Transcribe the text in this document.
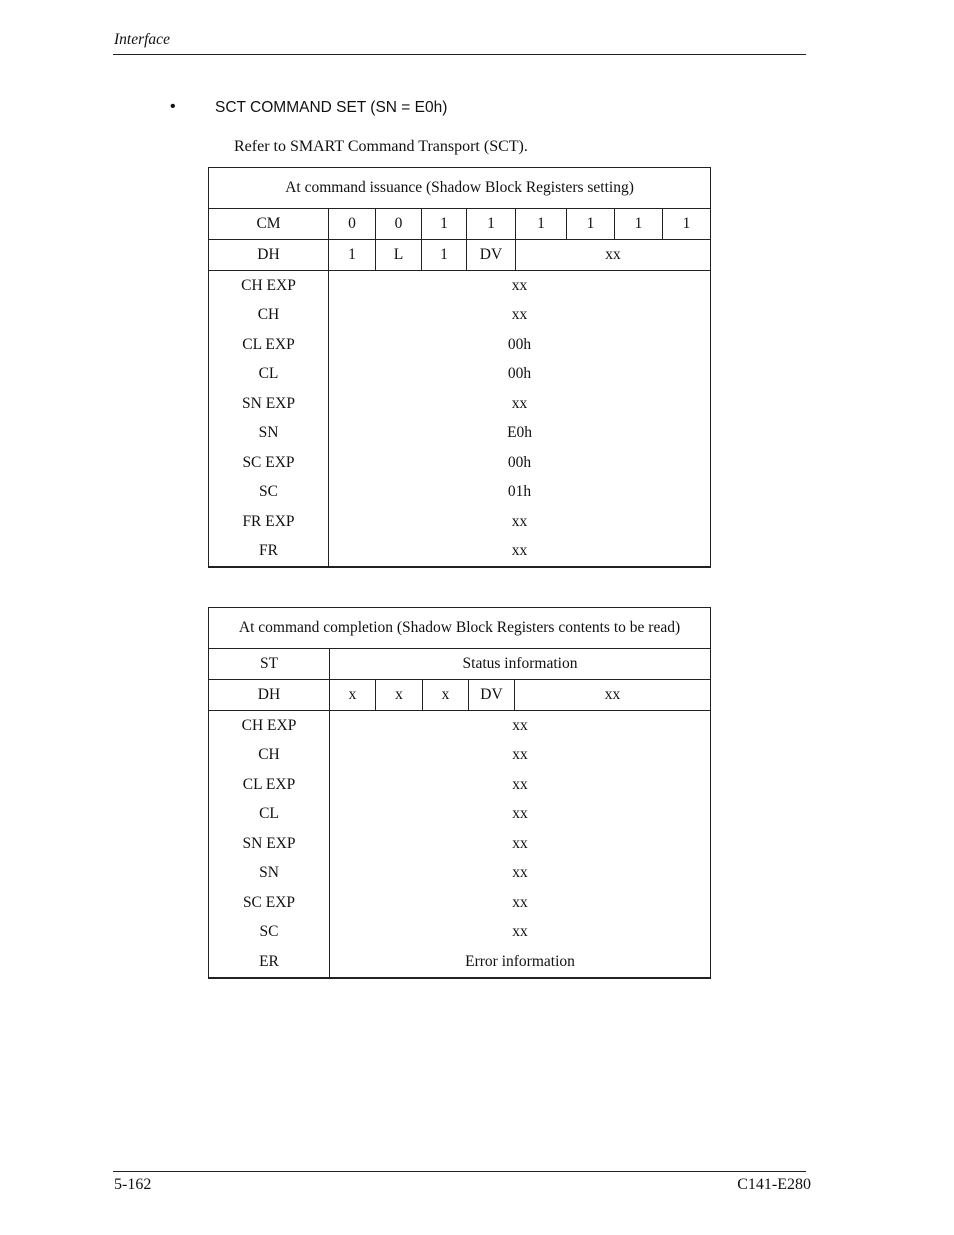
Interface
•	SCT COMMAND SET (SN = E0h)
Refer to SMART Command Transport (SCT).
At command issuance (Shadow Block Registers setting)								
CM	0	0	1	1	1	1	1	1
DH	1	L	1	DV	xx			
CH EXP	xx							
CH	xx							
CL EXP	00h							
CL	00h							
SN EXP	xx							
SN	E0h							
SC EXP	00h							
SC	01h							
FR EXP	xx							
FR	xx							
At command completion (Shadow Block Registers contents to be read)					
ST	Status information				
DH	x	x	x	DV	xx
CH EXP	xx				
CH	xx				
CL EXP	xx				
CL	xx				
SN EXP	xx				
SN	xx				
SC EXP	xx				
SC	xx				
ER	Error information				
5-162	C141-E280
